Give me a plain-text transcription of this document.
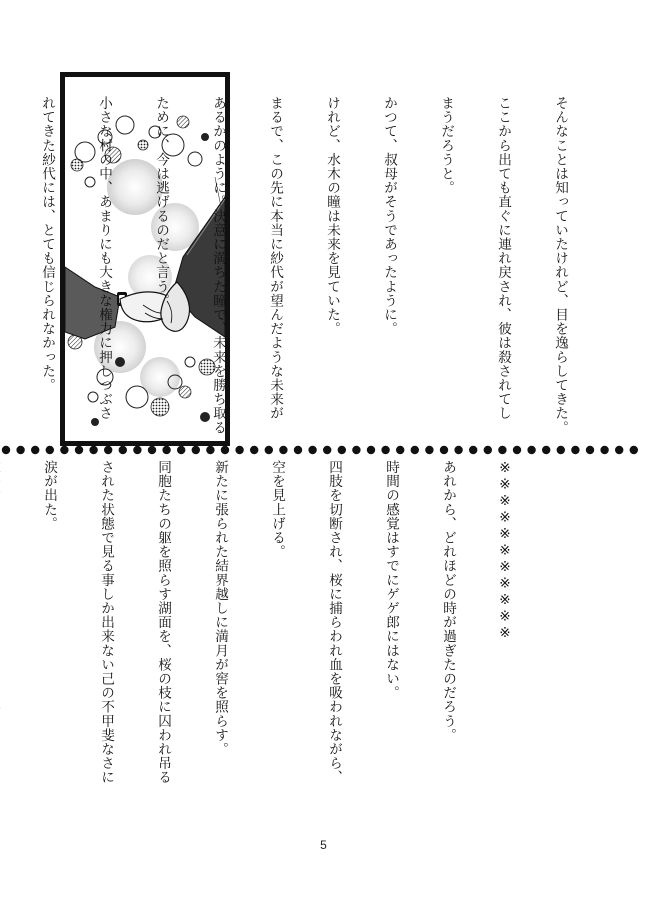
そんなことは知っていたけれど、目を逸らしてきた。

ここから出ても直ぐに連れ戻され、彼は殺されてし

まうだろうと。

かつて、叔母がそうであったように。

けれど、水木の瞳は未来を見ていた。

まるで、この先に本当に紗代が望んだような未来が

あるかのように。決意に満ちた瞳で、未来を勝ち取る

ために、今は逃げるのだと言う。

小さな村の中、あまりにも大きな権力に押しつぶさ

れてきた紗代には、とても信じられなかった。

※※※※※※※※※※※

あれから、どれほどの時が過ぎたのだろう。

時間の感覚はすでにゲゲ郎にはない。

四肢を切断され、桜に捕らわれ血を吸われながら、

空を見上げる。

新たに張られた結界越しに満月が窖を照らす。

同胞たちの躯を照らす湖面を、桜の枝に囚われ吊る

された状態で見る事しか出来ない己の不甲斐なさに

涙が出た。

5
